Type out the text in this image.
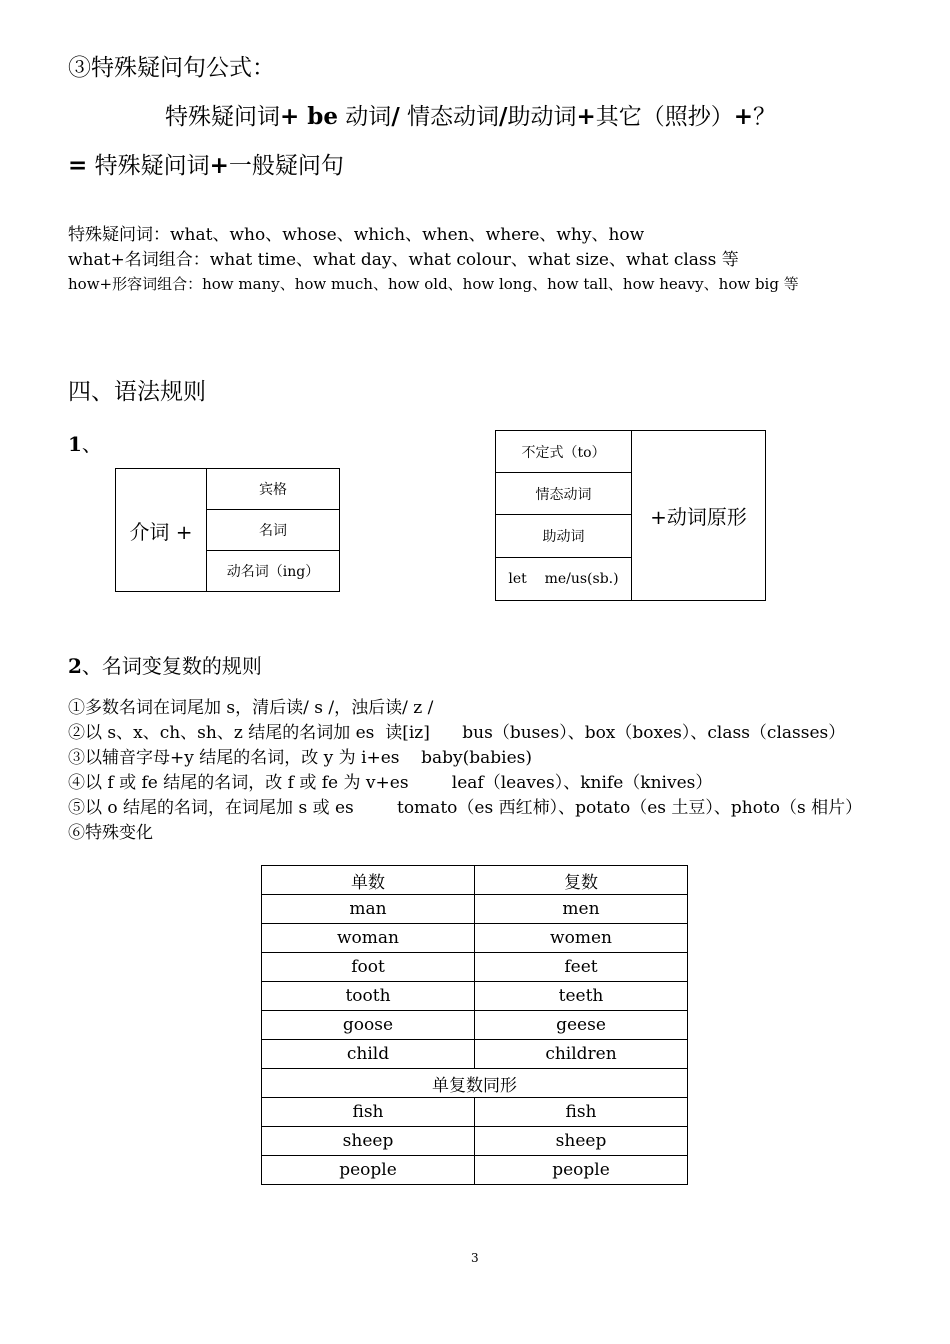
③特殊疑问句公式：
特殊疑问词+ be 动词/ 情态动词/助动词+其它（照抄）+？
= 特殊疑问词+一般疑问句
特殊疑问词：what、who、whose、which、when、where、why、how
what+名词组合：what time、what day、what colour、what size、what class 等
how+形容词组合：how many、how much、how old、how long、how tall、how heavy、how big 等
四、语法规则
1、
介词 +	宾格
名词
动名词（ing）
不定式（to）	+动词原形
情态动词
助动词
let    me/us(sb.)
2、名词变复数的规则
①多数名词在词尾加 s，清后读/ s /，浊后读/ z /
②以 s、x、ch、sh、z 结尾的名词加 es  读[iz]      bus（buses）、box（boxes）、class（classes）
③以辅音字母+y 结尾的名词，改 y 为 i+es    baby(babies)
④以 f 或 fe 结尾的名词，改 f 或 fe 为 v+es        leaf（leaves）、knife（knives）
⑤以 o 结尾的名词，在词尾加 s 或 es        tomato（es 西红柿）、potato（es 土豆）、photo（s 相片）
⑥特殊变化
单数	复数
man	men
woman	women
foot	feet
tooth	teeth
goose	geese
child	children
单复数同形	
fish	fish
sheep	sheep
people	people
3
